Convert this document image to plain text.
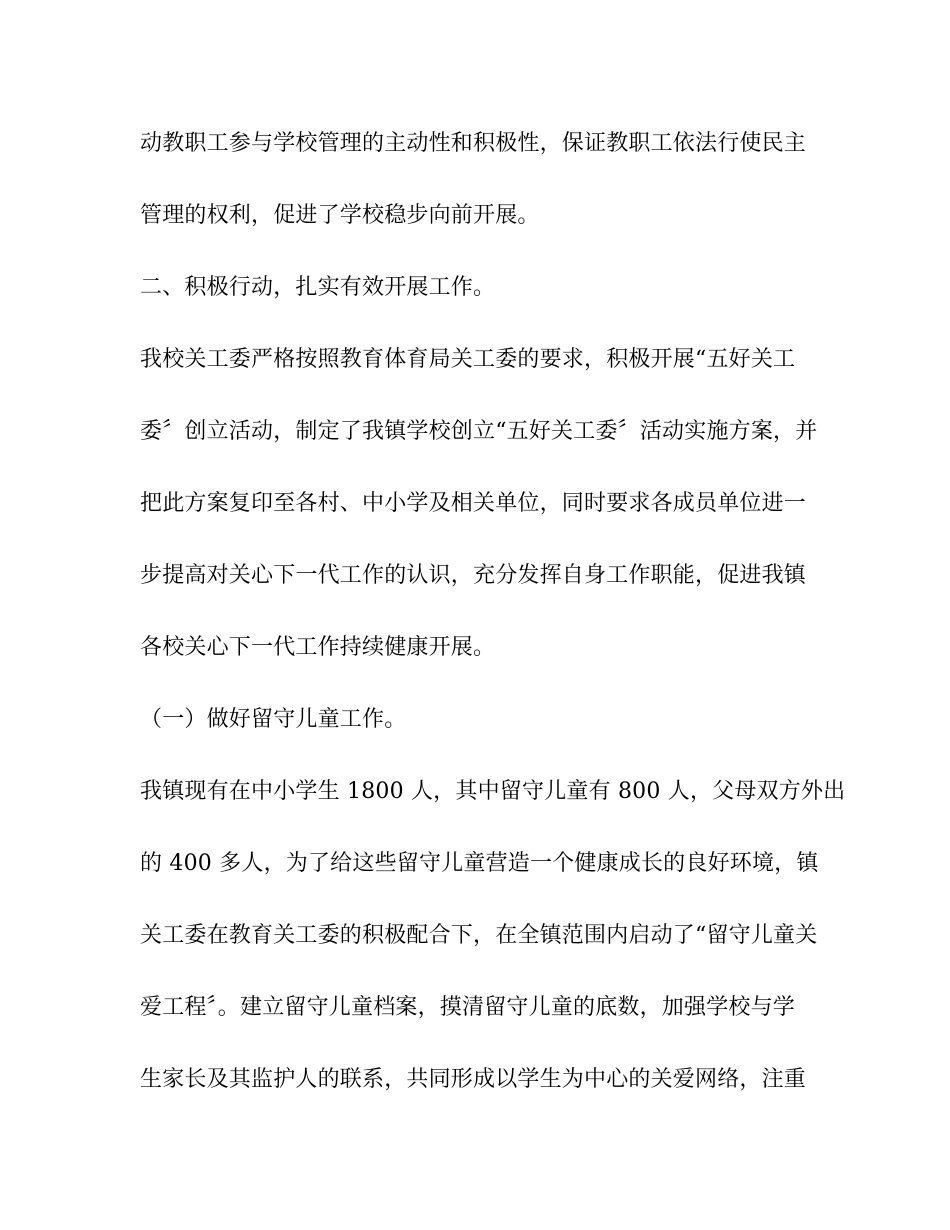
动教职工参与学校管理的主动性和积极性，保证教职工依法行使民主
管理的权利，促进了学校稳步向前开展。
二、积极行动，扎实有效开展工作。
我校关工委严格按照教育体育局关工委的要求，积极开展“五好关工
委〞创立活动，制定了我镇学校创立“五好关工委〞活动实施方案，并
把此方案复印至各村、中小学及相关单位，同时要求各成员单位进一
步提高对关心下一代工作的认识，充分发挥自身工作职能，促进我镇
各校关心下一代工作持续健康开展。
（一）做好留守儿童工作。
我镇现有在中小学生 1800 人，其中留守儿童有 800 人，父母双方外出
的 400 多人，为了给这些留守儿童营造一个健康成长的良好环境，镇
关工委在教育关工委的积极配合下，在全镇范围内启动了“留守儿童关
爱工程〞。建立留守儿童档案，摸清留守儿童的底数，加强学校与学
生家长及其监护人的联系，共同形成以学生为中心的关爱网络，注重
